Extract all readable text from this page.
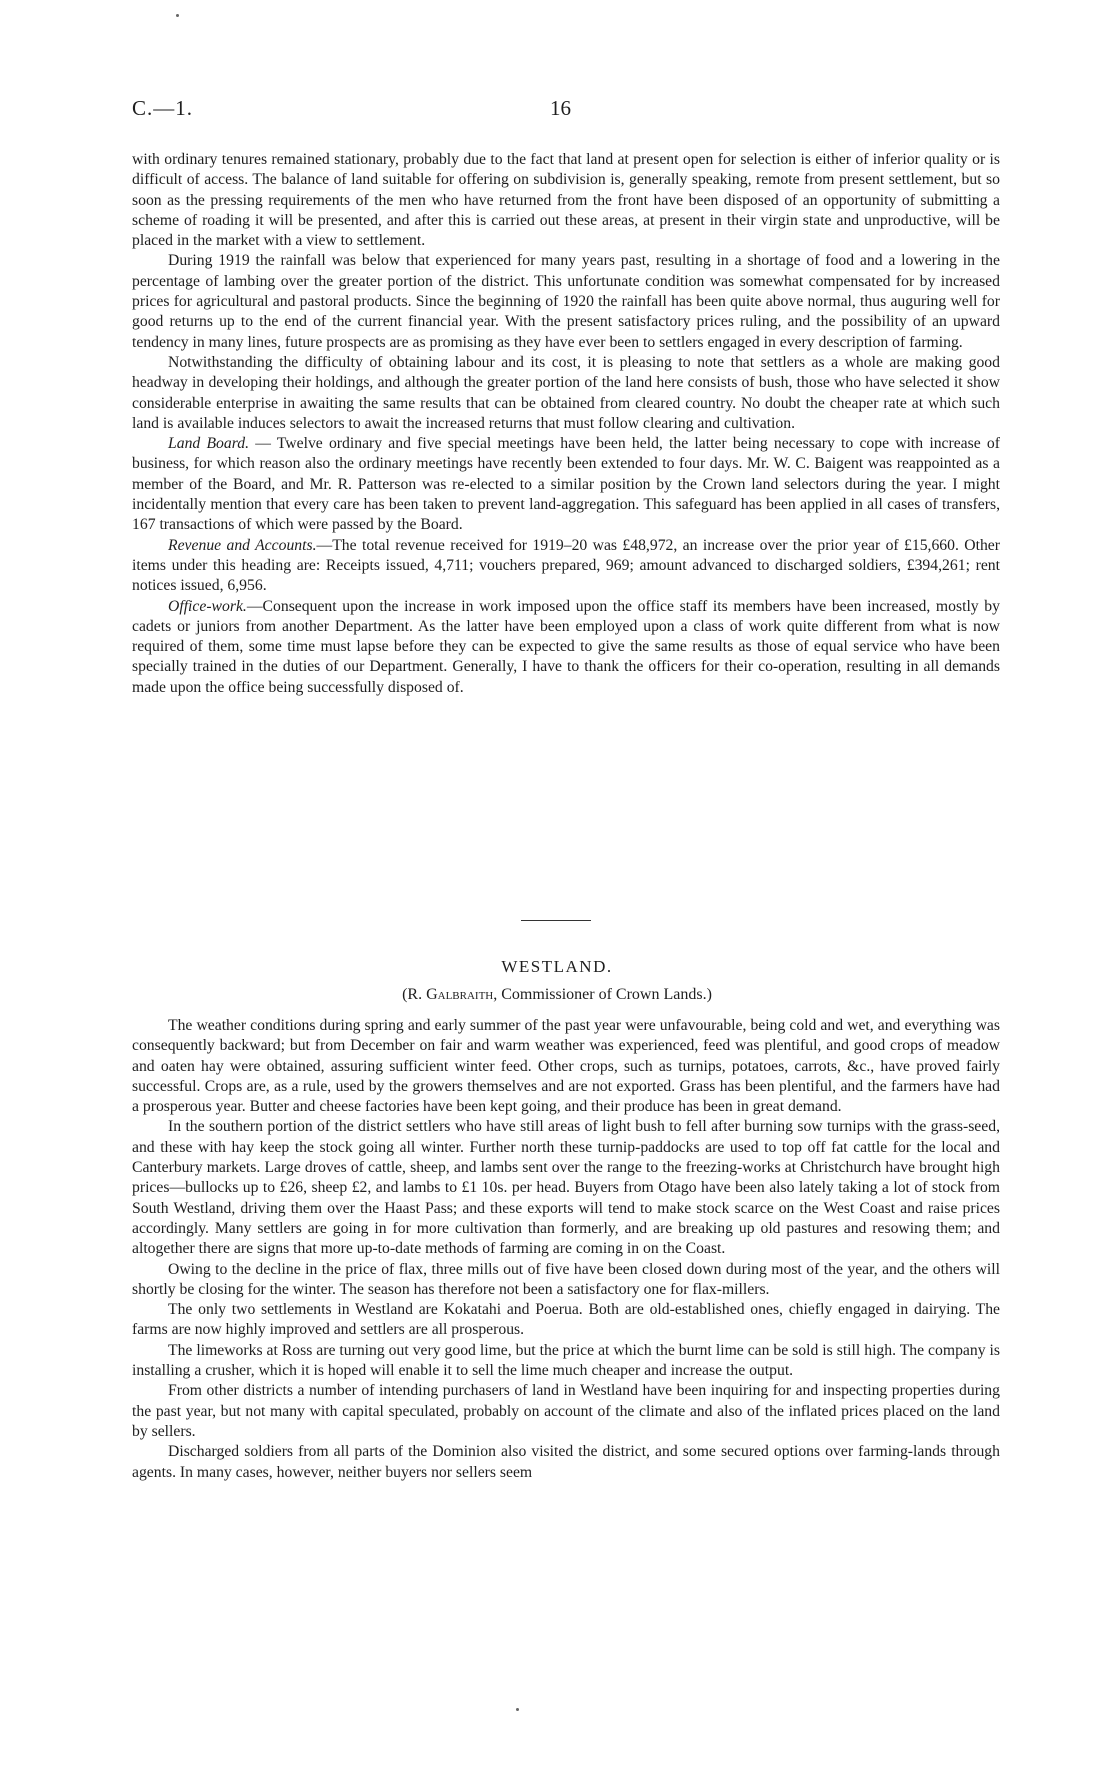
C.—1.	16

with ordinary tenures remained stationary, probably due to the fact that land at present open for selection is either of inferior quality or is difficult of access. The balance of land suitable for offering on subdivision is, generally speaking, remote from present settlement, but so soon as the pressing requirements of the men who have returned from the front have been disposed of an opportunity of submitting a scheme of roading it will be presented, and after this is carried out these areas, at present in their virgin state and unproductive, will be placed in the market with a view to settlement.

During 1919 the rainfall was below that experienced for many years past, resulting in a shortage of food and a lowering in the percentage of lambing over the greater portion of the district. This unfortunate condition was somewhat compensated for by increased prices for agricultural and pastoral products. Since the beginning of 1920 the rainfall has been quite above normal, thus auguring well for good returns up to the end of the current financial year. With the present satisfactory prices ruling, and the possibility of an upward tendency in many lines, future prospects are as promising as they have ever been to settlers engaged in every description of farming.

Notwithstanding the difficulty of obtaining labour and its cost, it is pleasing to note that settlers as a whole are making good headway in developing their holdings, and although the greater portion of the land here consists of bush, those who have selected it show considerable enterprise in awaiting the same results that can be obtained from cleared country. No doubt the cheaper rate at which such land is available induces selectors to await the increased returns that must follow clearing and cultivation.

Land Board. — Twelve ordinary and five special meetings have been held, the latter being necessary to cope with increase of business, for which reason also the ordinary meetings have recently been extended to four days. Mr. W. C. Baigent was reappointed as a member of the Board, and Mr. R. Patterson was re-elected to a similar position by the Crown land selectors during the year. I might incidentally mention that every care has been taken to prevent land-aggregation. This safeguard has been applied in all cases of transfers, 167 transactions of which were passed by the Board.

Revenue and Accounts.—The total revenue received for 1919–20 was £48,972, an increase over the prior year of £15,660. Other items under this heading are: Receipts issued, 4,711; vouchers prepared, 969; amount advanced to discharged soldiers, £394,261; rent notices issued, 6,956.

Office-work.—Consequent upon the increase in work imposed upon the office staff its members have been increased, mostly by cadets or juniors from another Department. As the latter have been employed upon a class of work quite different from what is now required of them, some time must lapse before they can be expected to give the same results as those of equal service who have been specially trained in the duties of our Department. Generally, I have to thank the officers for their co-operation, resulting in all demands made upon the office being successfully disposed of.

WESTLAND.
(R. Galbraith, Commissioner of Crown Lands.)

The weather conditions during spring and early summer of the past year were unfavourable, being cold and wet, and everything was consequently backward; but from December on fair and warm weather was experienced, feed was plentiful, and good crops of meadow and oaten hay were obtained, assuring sufficient winter feed. Other crops, such as turnips, potatoes, carrots, &c., have proved fairly successful. Crops are, as a rule, used by the growers themselves and are not exported. Grass has been plentiful, and the farmers have had a prosperous year. Butter and cheese factories have been kept going, and their produce has been in great demand.

In the southern portion of the district settlers who have still areas of light bush to fell after burning sow turnips with the grass-seed, and these with hay keep the stock going all winter. Further north these turnip-paddocks are used to top off fat cattle for the local and Canterbury markets. Large droves of cattle, sheep, and lambs sent over the range to the freezing-works at Christchurch have brought high prices—bullocks up to £26, sheep £2, and lambs to £1 10s. per head. Buyers from Otago have been also lately taking a lot of stock from South Westland, driving them over the Haast Pass; and these exports will tend to make stock scarce on the West Coast and raise prices accordingly. Many settlers are going in for more cultivation than formerly, and are breaking up old pastures and resowing them; and altogether there are signs that more up-to-date methods of farming are coming in on the Coast.

Owing to the decline in the price of flax, three mills out of five have been closed down during most of the year, and the others will shortly be closing for the winter. The season has therefore not been a satisfactory one for flax-millers.

The only two settlements in Westland are Kokatahi and Poerua. Both are old-established ones, chiefly engaged in dairying. The farms are now highly improved and settlers are all prosperous.

The limeworks at Ross are turning out very good lime, but the price at which the burnt lime can be sold is still high. The company is installing a crusher, which it is hoped will enable it to sell the lime much cheaper and increase the output.

From other districts a number of intending purchasers of land in Westland have been inquiring for and inspecting properties during the past year, but not many with capital speculated, probably on account of the climate and also of the inflated prices placed on the land by sellers.

Discharged soldiers from all parts of the Dominion also visited the district, and some secured options over farming-lands through agents. In many cases, however, neither buyers nor sellers seem
